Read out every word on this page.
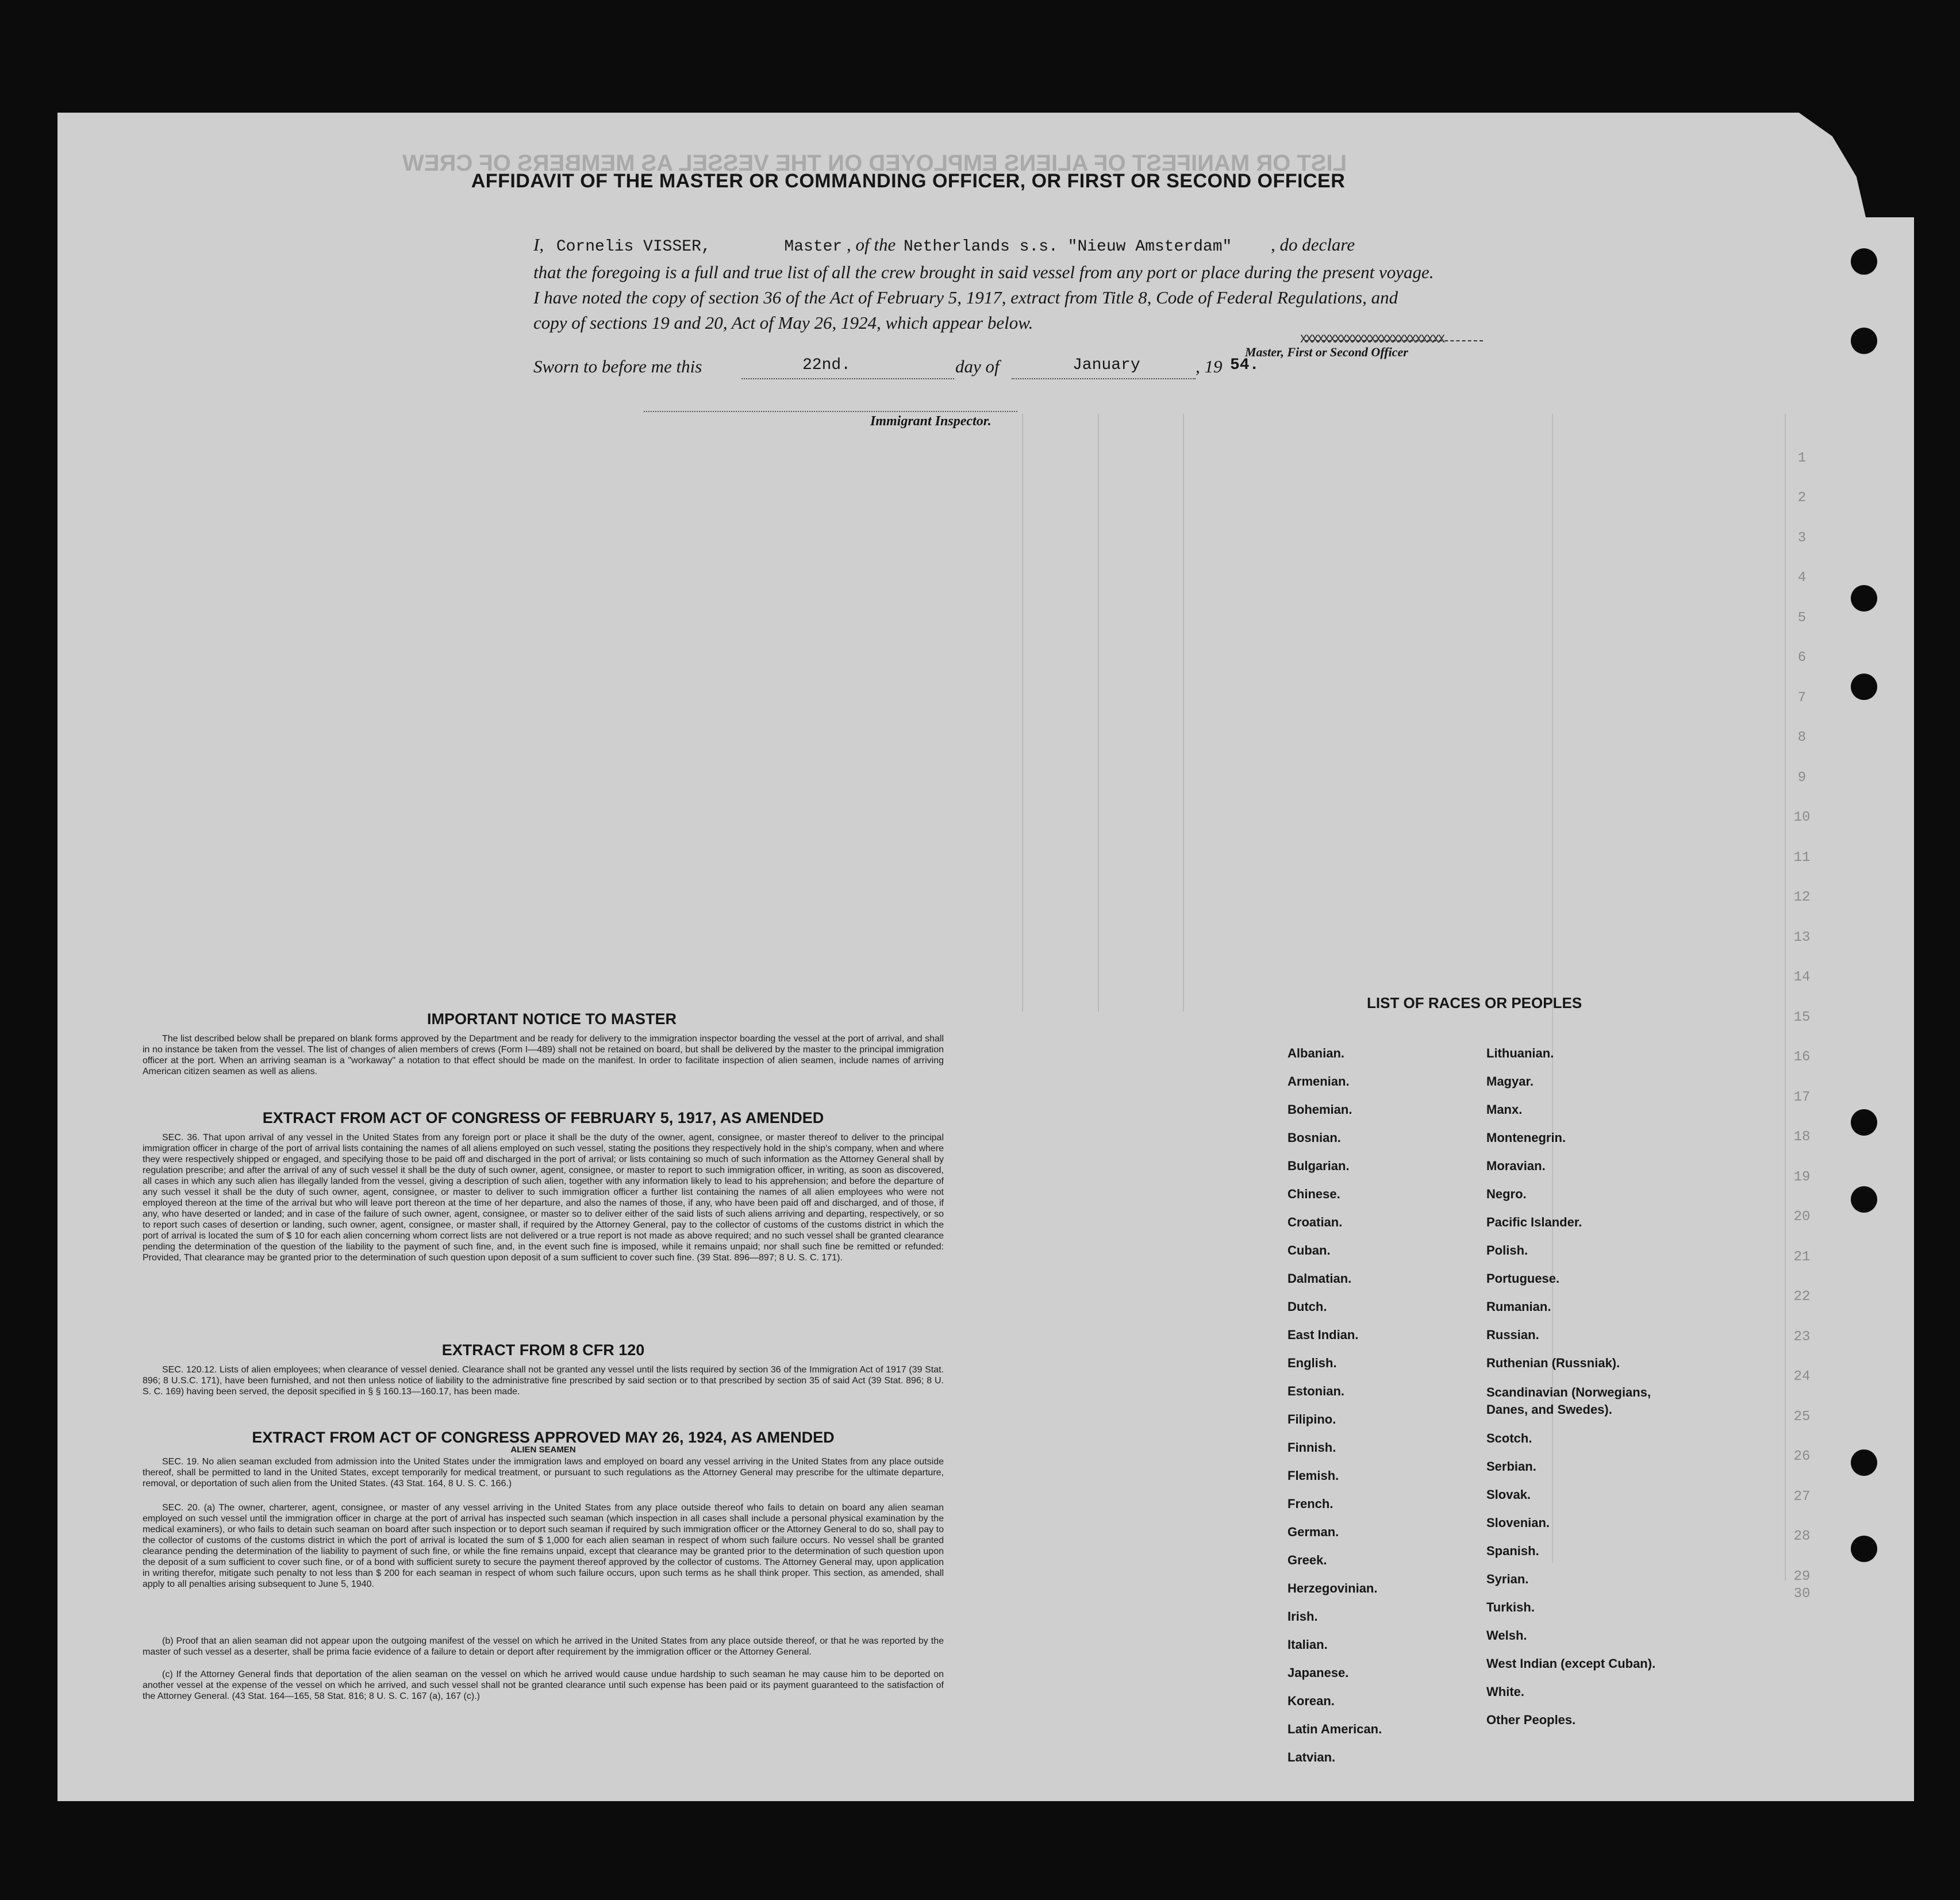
LIST OR MANIFEST OF ALIENS EMPLOYED ON THE VESSEL AS MEMBERS OF CREW
1
2
3
4
5
6
7
8
9
10
11
12
13
14
15
16
17
18
19
20
21
22
23
24
25
26
27
28
29
30
AFFIDAVIT OF THE MASTER OR COMMANDING OFFICER, OR FIRST OR SECOND OFFICER
I, Cornelis VISSER,	Master , of the Netherlands s.s. "Nieuw Amsterdam" , do declare
that the foregoing is a full and true list of all the crew brought in said vessel from any port or place during the present voyage.
I have noted the copy of section 36 of the Act of February 5, 1917, extract from Title 8, Code of Federal Regulations, and
copy of sections 19 and 20, Act of May 26, 1924, which appear below.
XXXXXXXXXXXXXXXXXXXXXXXXX
Master, First or Second Officer
Sworn to before me this	22nd.	day of	January	, 19 54.
Immigrant Inspector.
IMPORTANT NOTICE TO MASTER
The list described below shall be prepared on blank forms approved by the Department and be ready for delivery to the immigration inspector boarding the vessel at the port of arrival, and shall in no instance be taken from the vessel. The list of changes of alien members of crews (Form I—489) shall not be retained on board, but shall be delivered by the master to the principal immigration officer at the port. When an arriving seaman is a "workaway" a notation to that effect should be made on the manifest. In order to facilitate inspection of alien seamen, include names of arriving American citizen seamen as well as aliens.
EXTRACT FROM ACT OF CONGRESS OF FEBRUARY 5, 1917, AS AMENDED
SEC. 36. That upon arrival of any vessel in the United States from any foreign port or place it shall be the duty of the owner, agent, consignee, or master thereof to deliver to the principal immigration officer in charge of the port of arrival lists containing the names of all aliens employed on such vessel, stating the positions they respectively hold in the ship's company, when and where they were respectively shipped or engaged, and specifying those to be paid off and discharged in the port of arrival; or lists containing so much of such information as the Attorney General shall by regulation prescribe; and after the arrival of any of such vessel it shall be the duty of such owner, agent, consignee, or master to report to such immigration officer, in writing, as soon as discovered, all cases in which any such alien has illegally landed from the vessel, giving a description of such alien, together with any information likely to lead to his apprehension; and before the departure of any such vessel it shall be the duty of such owner, agent, consignee, or master to deliver to such immigration officer a further list containing the names of all alien employees who were not employed thereon at the time of the arrival but who will leave port thereon at the time of her departure, and also the names of those, if any, who have been paid off and discharged, and of those, if any, who have deserted or landed; and in case of the failure of such owner, agent, consignee, or master so to deliver either of the said lists of such aliens arriving and departing, respectively, or so to report such cases of desertion or landing, such owner, agent, consignee, or master shall, if required by the Attorney General, pay to the collector of customs of the customs district in which the port of arrival is located the sum of $ 10 for each alien concerning whom correct lists are not delivered or a true report is not made as above required; and no such vessel shall be granted clearance pending the determination of the question of the liability to the payment of such fine, and, in the event such fine is imposed, while it remains unpaid; nor shall such fine be remitted or refunded: Provided, That clearance may be granted prior to the determination of such question upon deposit of a sum sufficient to cover such fine. (39 Stat. 896—897; 8 U. S. C. 171).
EXTRACT FROM 8 CFR 120
SEC. 120.12. Lists of alien employees; when clearance of vessel denied. Clearance shall not be granted any vessel until the lists required by section 36 of the Immigration Act of 1917 (39 Stat. 896; 8 U.S.C. 171), have been furnished, and not then unless notice of liability to the administrative fine prescribed by said section or to that prescribed by section 35 of said Act (39 Stat. 896; 8 U. S. C. 169) having been served, the deposit specified in § § 160.13—160.17, has been made.
EXTRACT FROM ACT OF CONGRESS APPROVED MAY 26, 1924, AS AMENDED
ALIEN SEAMEN
SEC. 19. No alien seaman excluded from admission into the United States under the immigration laws and employed on board any vessel arriving in the United States from any place outside thereof, shall be permitted to land in the United States, except temporarily for medical treatment, or pursuant to such regulations as the Attorney General may prescribe for the ultimate departure, removal, or deportation of such alien from the United States. (43 Stat. 164, 8 U. S. C. 166.)
SEC. 20. (a) The owner, charterer, agent, consignee, or master of any vessel arriving in the United States from any place outside thereof who fails to detain on board any alien seaman employed on such vessel until the immigration officer in charge at the port of arrival has inspected such seaman (which inspection in all cases shall include a personal physical examination by the medical examiners), or who fails to detain such seaman on board after such inspection or to deport such seaman if required by such immigration officer or the Attorney General to do so, shall pay to the collector of customs of the customs district in which the port of arrival is located the sum of $ 1,000 for each alien seaman in respect of whom such failure occurs. No vessel shall be granted clearance pending the determination of the liability to payment of such fine, or while the fine remains unpaid, except that clearance may be granted prior to the determination of such question upon the deposit of a sum sufficient to cover such fine, or of a bond with sufficient surety to secure the payment thereof approved by the collector of customs. The Attorney General may, upon application in writing therefor, mitigate such penalty to not less than $ 200 for each seaman in respect of whom such failure occurs, upon such terms as he shall think proper. This section, as amended, shall apply to all penalties arising subsequent to June 5, 1940.
(b) Proof that an alien seaman did not appear upon the outgoing manifest of the vessel on which he arrived in the United States from any place outside thereof, or that he was reported by the master of such vessel as a deserter, shall be prima facie evidence of a failure to detain or deport after requirement by the immigration officer or the Attorney General.
(c) If the Attorney General finds that deportation of the alien seaman on the vessel on which he arrived would cause undue hardship to such seaman he may cause him to be deported on another vessel at the expense of the vessel on which he arrived, and such vessel shall not be granted clearance until such expense has been paid or its payment guaranteed to the satisfaction of the Attorney General. (43 Stat. 164—165, 58 Stat. 816; 8 U. S. C. 167 (a), 167 (c).)
LIST OF RACES OR PEOPLES
Albanian.
Armenian.
Bohemian.
Bosnian.
Bulgarian.
Chinese.
Croatian.
Cuban.
Dalmatian.
Dutch.
East Indian.
English.
Estonian.
Filipino.
Finnish.
Flemish.
French.
German.
Greek.
Herzegovinian.
Irish.
Italian.
Japanese.
Korean.
Latin American.
Latvian.
Lithuanian.
Magyar.
Manx.
Montenegrin.
Moravian.
Negro.
Pacific Islander.
Polish.
Portuguese.
Rumanian.
Russian.
Ruthenian (Russniak).
Scandinavian (Norwegians, Danes, and Swedes).
Scotch.
Serbian.
Slovak.
Slovenian.
Spanish.
Syrian.
Turkish.
Welsh.
West Indian (except Cuban).
White.
Other Peoples.
